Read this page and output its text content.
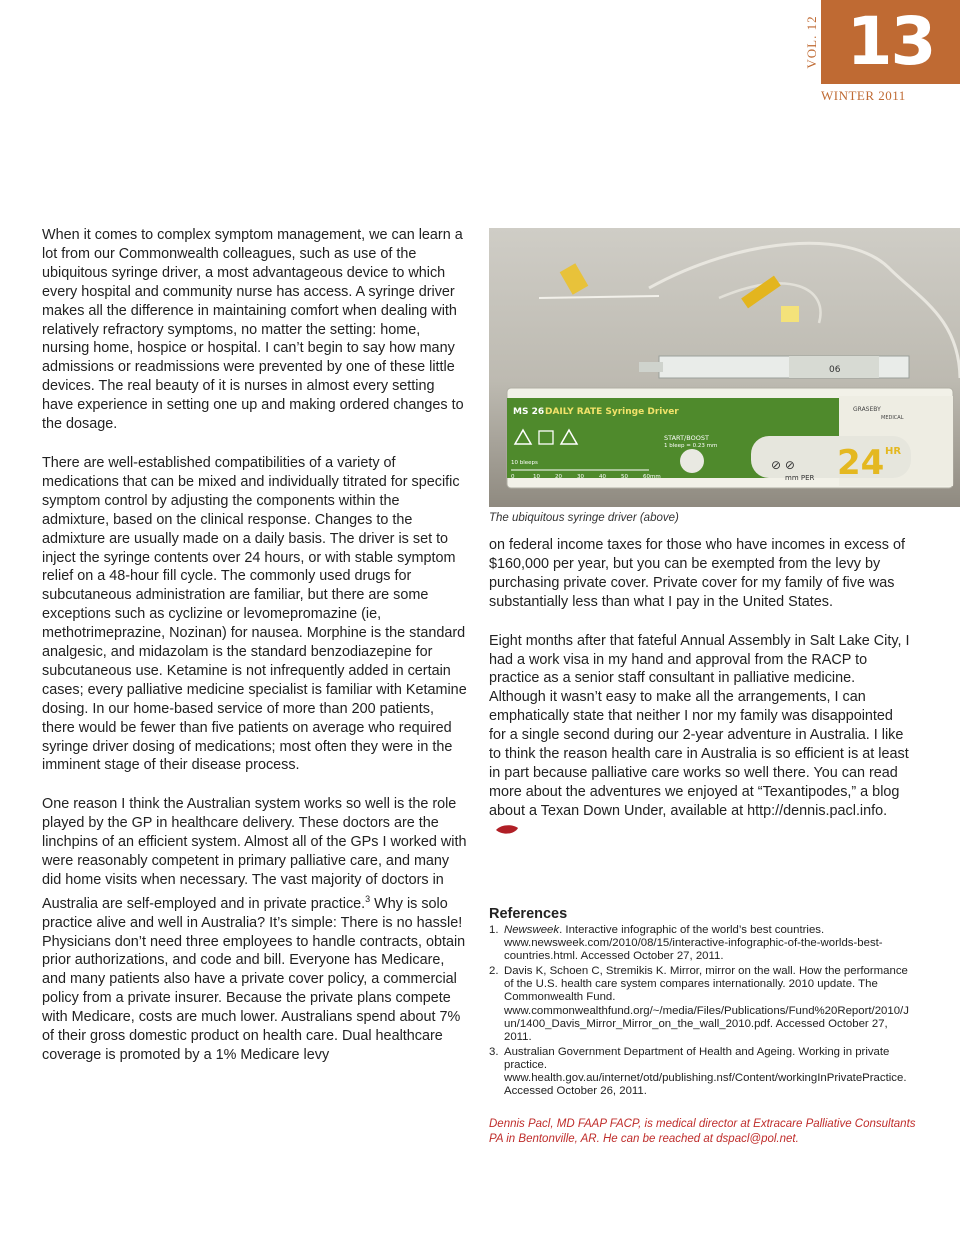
13
VOL. 12
WINTER 2011

When it comes to complex symptom management, we can learn a lot from our Commonwealth colleagues, such as use of the ubiquitous syringe driver, a most advantageous device to which every hospital and community nurse has access. A syringe driver makes all the difference in maintaining comfort when dealing with relatively refractory symptoms, no matter the setting: home, nursing home, hospice or hospital. I can’t begin to say how many admissions or readmissions were prevented by one of these little devices. The real beauty of it is nurses in almost every setting have experience in setting one up and making ordered changes to the dosage.

There are well-established compatibilities of a variety of medications that can be mixed and individually titrated for specific symptom control by adjusting the components within the admixture, based on the clinical response. Changes to the admixture are usually made on a daily basis. The driver is set to inject the syringe contents over 24 hours, or with stable symptom relief on a 48-hour fill cycle. The commonly used drugs for subcutaneous administration are familiar, but there are some exceptions such as cyclizine or levomepromazine (ie, methotrimeprazine, Nozinan) for nausea. Morphine is the standard analgesic, and midazolam is the standard benzodiazepine for subcutaneous use. Ketamine is not infrequently added in certain cases; every palliative medicine specialist is familiar with Ketamine dosing. In our home-based service of more than 200 patients, there would be fewer than five patients on average who required syringe driver dosing of medications; most often they were in the imminent stage of their disease process.

One reason I think the Australian system works so well is the role played by the GP in healthcare delivery. These doctors are the linchpins of an efficient system. Almost all of the GPs I worked with were reasonably competent in primary palliative care, and many did home visits when necessary. The vast majority of doctors in Australia are self-employed and in private practice.$^3$ Why is solo practice alive and well in Australia? It’s simple: There is no hassle! Physicians don’t need three employees to handle contracts, obtain prior authorizations, and code and bill. Everyone has Medicare, and many patients also have a private cover policy, a commercial policy from a private insurer. Because the private plans compete with Medicare, costs are much lower. Australians spend about 7% of their gross domestic product on health care. Dual healthcare coverage is promoted by a 1% Medicare levy

06
MS 26 DAILY RATE Syringe Driver	GRASEBY
MEDICAL
START/BOOST
1 bleep = 0.23 mm
10 bleeps
0	10	20	30	40	50	60mm
⊘ ⊘
mm PER 24 HR
The ubiquitous syringe driver (above)

on federal income taxes for those who have incomes in excess of $160,000 per year, but you can be exempted from the levy by purchasing private cover. Private cover for my family of five was substantially less than what I pay in the United States.

Eight months after that fateful Annual Assembly in Salt Lake City, I had a work visa in my hand and approval from the RACP to practice as a senior staff consultant in palliative medicine. Although it wasn’t easy to make all the arrangements, I can emphatically state that neither I nor my family was disappointed for a single second during our 2-year adventure in Australia. I like to think the reason health care in Australia is so efficient is at least in part because palliative care works so well there. You can read more about the adventures we enjoyed at “Texantipodes,” a blog about a Texan Down Under, available at http://dennis.pacl.info.

References
1. Newsweek. Interactive infographic of the world’s best countries. www.newsweek.com/2010/08/15/interactive-infographic-of-the-worlds-best-countries.html. Accessed October 27, 2011.
2. Davis K, Schoen C, Stremikis K. Mirror, mirror on the wall. How the performance of the U.S. health care system compares internationally. 2010 update. The Commonwealth Fund. www.commonwealthfund.org/~/media/Files/Publications/Fund%20Report/2010/Jun/1400_Davis_Mirror_Mirror_on_the_wall_2010.pdf. Accessed October 27, 2011.
3. Australian Government Department of Health and Ageing. Working in private practice. www.health.gov.au/internet/otd/publishing.nsf/Content/workingInPrivatePractice. Accessed October 26, 2011.
Dennis Pacl, MD FAAP FACP, is medical director at Extracare Palliative Consultants PA in Bentonville, AR. He can be reached at dspacl@pol.net.
